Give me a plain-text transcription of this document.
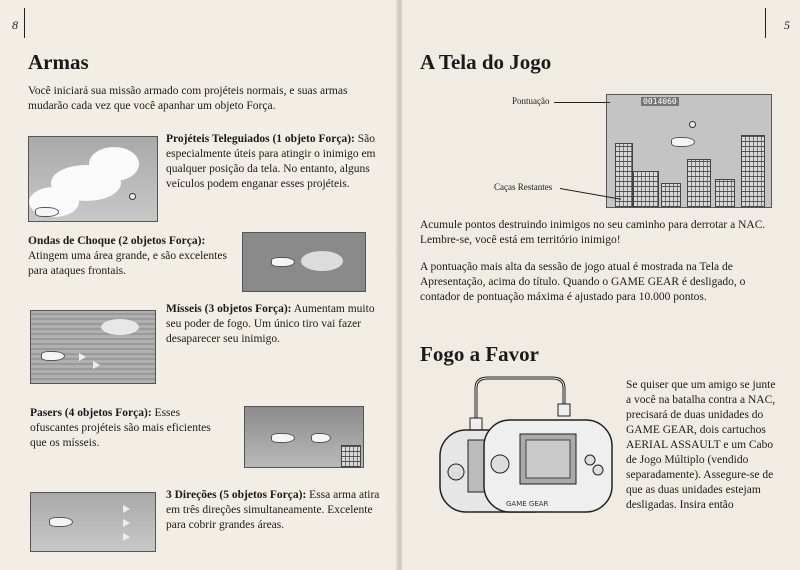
8
Armas
Você iniciará sua missão armado com projéteis normais, e suas armas mudarão cada vez que você apanhar um objeto Força.
Projéteis Teleguiados (1 objeto Força): São especialmente úteis para atingir o inimigo em qualquer posição da tela. No entanto, alguns veículos podem enganar esses projéteis.
Ondas de Choque (2 objetos Força): Atingem uma área grande, e são excelentes para ataques frontais.
Mísseis (3 objetos Força): Aumentam muito seu poder de fogo. Um único tiro vai fazer desaparecer seu inimigo.
Pasers (4 objetos Força): Esses ofuscantes projéteis são mais eficientes que os mísseis.
3 Direções (5 objetos Força): Essa arma atira em três direções simultaneamente. Excelente para cobrir grandes áreas.
5
A Tela do Jogo
0014060
Pontuação
Caças Restantes
Acumule pontos destruindo inimigos no seu caminho para derrotar a NAC. Lembre-se, você está em território inimigo!
A pontuação mais alta da sessão de jogo atual é mostrada na Tela de Apresentação, acima do título. Quando o GAME GEAR é desligado, o contador de pontuação máxima é ajustado para 10.000 pontos.
Fogo a Favor
GAME GEAR
Se quiser que um amigo se junte a você na batalha contra a NAC, precisará de duas unidades do GAME GEAR, dois cartuchos AERIAL ASSAULT e um Cabo de Jogo Múltiplo (vendido separadamente). Assegure-se de que as duas unidades estejam desligadas. Insira então
